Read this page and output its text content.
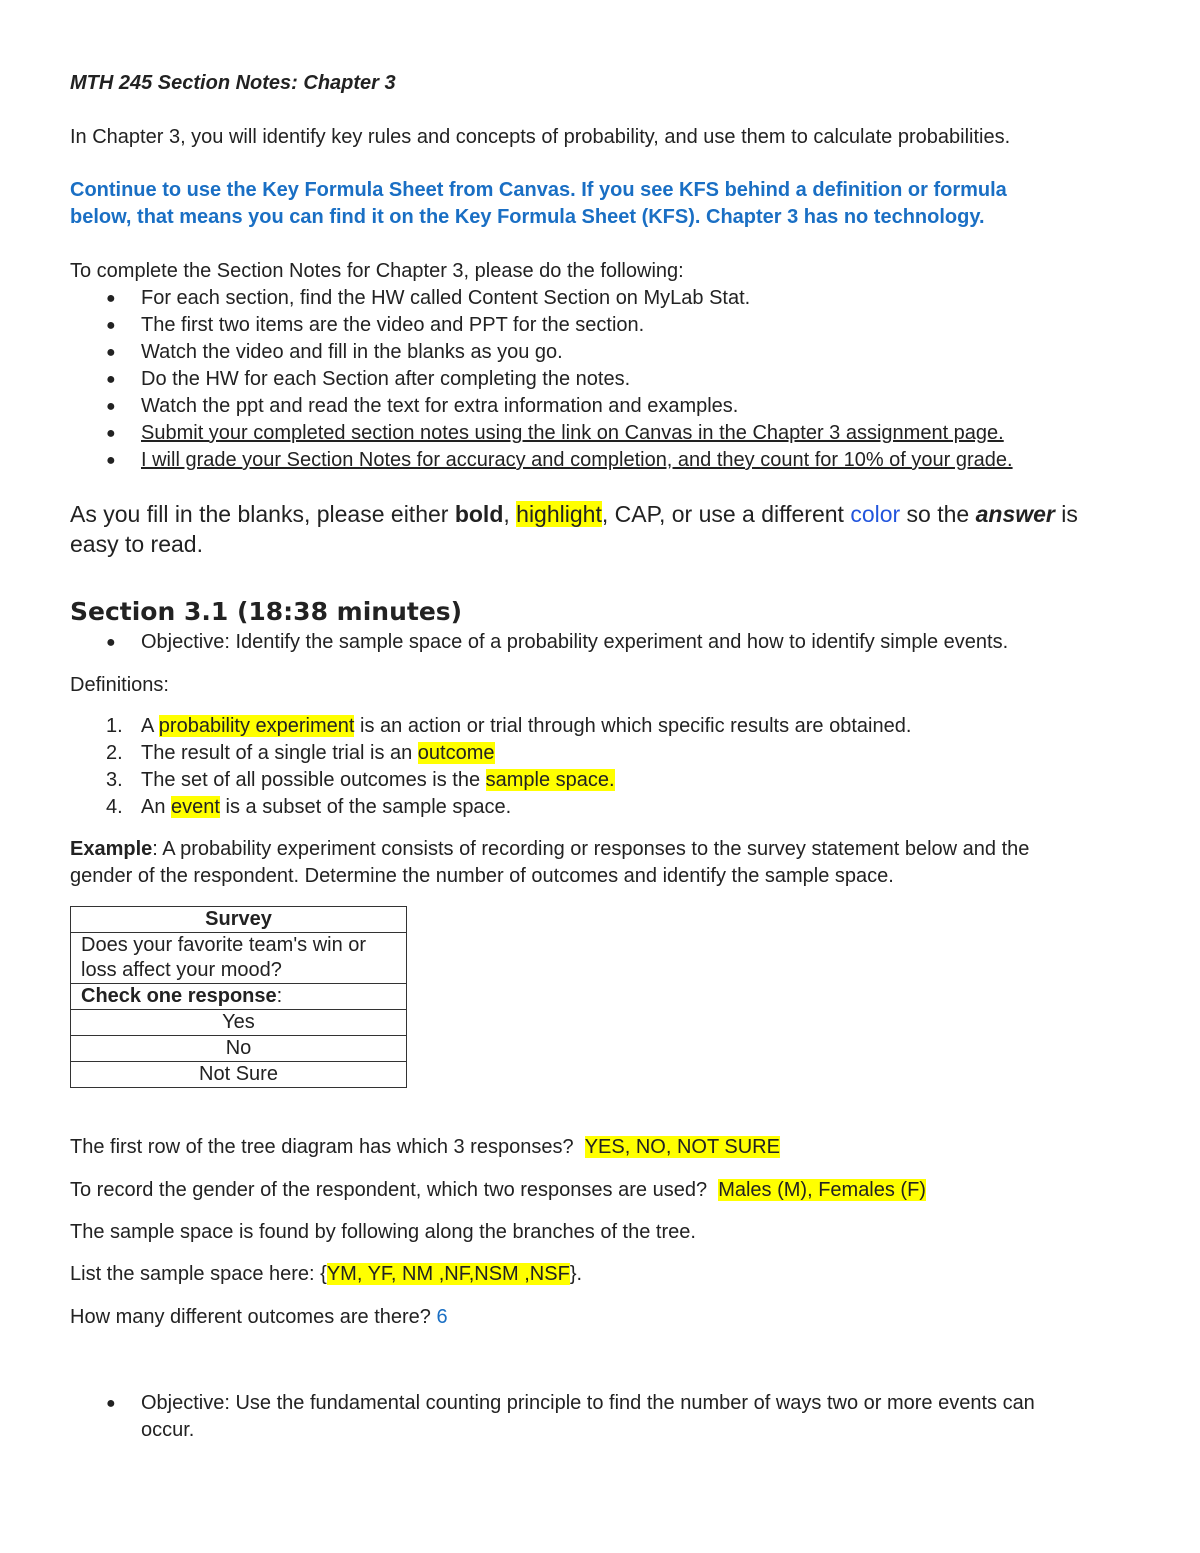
MTH 245 Section Notes: Chapter 3
In Chapter 3, you will identify key rules and concepts of probability, and use them to calculate probabilities.
Continue to use the Key Formula Sheet from Canvas. If you see KFS behind a definition or formula
below, that means you can find it on the Key Formula Sheet (KFS). Chapter 3 has no technology.
To complete the Section Notes for Chapter 3, please do the following:
● For each section, find the HW called Content Section on MyLab Stat.
● The first two items are the video and PPT for the section.
● Watch the video and fill in the blanks as you go.
● Do the HW for each Section after completing the notes.
● Watch the ppt and read the text for extra information and examples.
● Submit your completed section notes using the link on Canvas in the Chapter 3 assignment page.
● I will grade your Section Notes for accuracy and completion, and they count for 10% of your grade.
As you fill in the blanks, please either bold, highlight, CAP, or use a different color so the answer is
easy to read.
Section 3.1 (18:38 minutes)
● Objective: Identify the sample space of a probability experiment and how to identify simple events.
Definitions:
1. A probability experiment is an action or trial through which specific results are obtained.
2. The result of a single trial is an outcome
3. The set of all possible outcomes is the sample space.
4. An event is a subset of the sample space.
Example: A probability experiment consists of recording or responses to the survey statement below and the
gender of the respondent. Determine the number of outcomes and identify the sample space.
Survey
Does your favorite team's win or
loss affect your mood?
Check one response:
Yes
No
Not Sure
The first row of the tree diagram has which 3 responses? YES, NO, NOT SURE
To record the gender of the respondent, which two responses are used? Males (M), Females (F)
The sample space is found by following along the branches of the tree.
List the sample space here: {YM, YF, NM ,NF,NSM ,NSF}.
How many different outcomes are there? 6
● Objective: Use the fundamental counting principle to find the number of ways two or more events can
occur.
